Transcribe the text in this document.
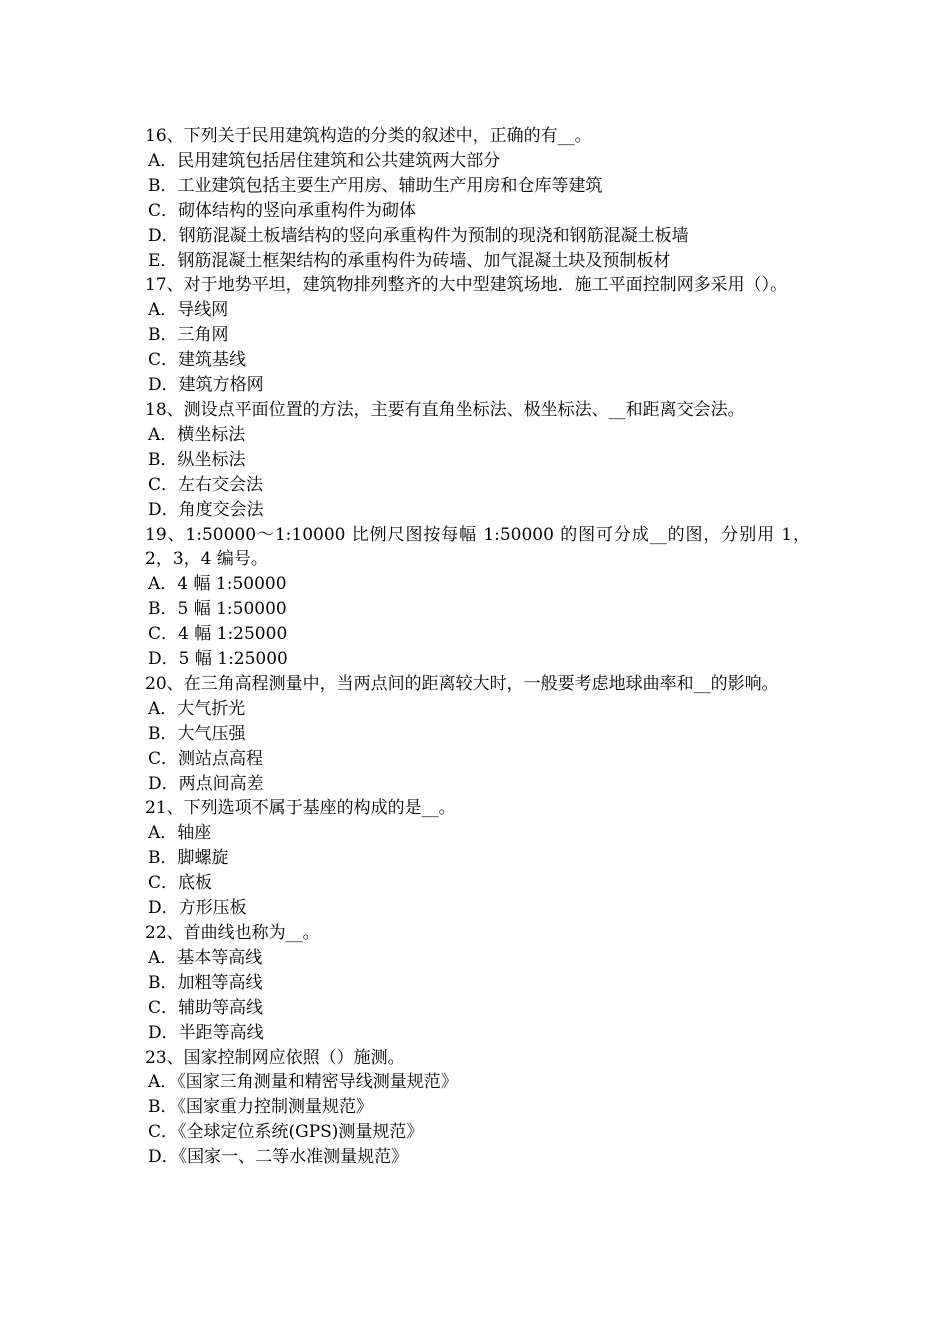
16、下列关于民用建筑构造的分类的叙述中，正确的有__。

A．民用建筑包括居住建筑和公共建筑两大部分

B．工业建筑包括主要生产用房、辅助生产用房和仓库等建筑

C．砌体结构的竖向承重构件为砌体

D．钢筋混凝土板墙结构的竖向承重构件为预制的现浇和钢筋混凝土板墙

E．钢筋混凝土框架结构的承重构件为砖墙、加气混凝土块及预制板材

17、对于地势平坦，建筑物排列整齐的大中型建筑场地．施工平面控制网多采用（）。

A．导线网

B．三角网

C．建筑基线

D．建筑方格网

18、测设点平面位置的方法，主要有直角坐标法、极坐标法、__和距离交会法。

A．横坐标法

B．纵坐标法

C．左右交会法

D．角度交会法

19、1:50000～1:10000 比例尺图按每幅 1:50000 的图可分成__的图，分别用 1，2，3，4 编号。

A．4 幅 1:50000

B．5 幅 1:50000

C．4 幅 1:25000

D．5 幅 1:25000

20、在三角高程测量中，当两点间的距离较大时，一般要考虑地球曲率和__的影响。

A．大气折光

B．大气压强

C．测站点高程

D．两点间高差

21、下列选项不属于基座的构成的是__。

A．轴座

B．脚螺旋

C．底板

D．方形压板

22、首曲线也称为__。

A．基本等高线

B．加粗等高线

C．辅助等高线

D．半距等高线

23、国家控制网应依照（）施测。

A．《国家三角测量和精密导线测量规范》

B．《国家重力控制测量规范》

C．《全球定位系统(GPS)测量规范》

D．《国家一、二等水准测量规范》
